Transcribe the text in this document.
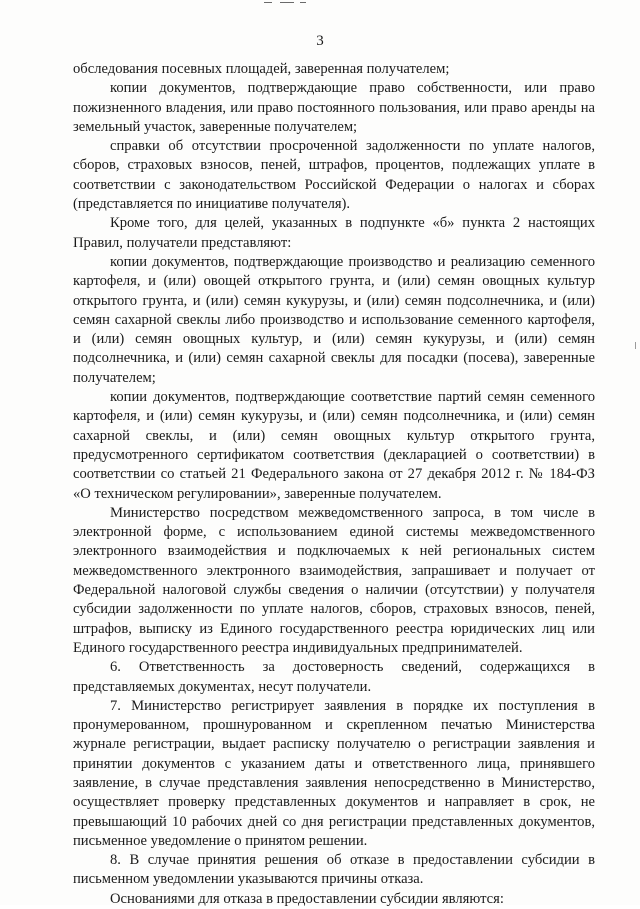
3

обследования посевных площадей, заверенная получателем;

копии документов, подтверждающие право собственности, или право пожизненного владения, или право постоянного пользования, или право аренды на земельный участок, заверенные получателем;

справки об отсутствии просроченной задолженности по уплате налогов, сборов, страховых взносов, пеней, штрафов, процентов, подлежащих уплате в соответствии с законодательством Российской Федерации о налогах и сборах (представляется по инициативе получателя).

Кроме того, для целей, указанных в подпункте «б» пункта 2 настоящих Правил, получатели представляют:

копии документов, подтверждающие производство и реализацию семенного картофеля, и (или) овощей открытого грунта, и (или) семян овощных культур открытого грунта, и (или) семян кукурузы, и (или) семян подсолнечника, и (или) семян сахарной свеклы либо производство и использование семенного картофеля, и (или) семян овощных культур, и (или) семян кукурузы, и (или) семян подсолнечника, и (или) семян сахарной свеклы для посадки (посева), заверенные получателем;

копии документов, подтверждающие соответствие партий семян семенного картофеля, и (или) семян кукурузы, и (или) семян подсолнечника, и (или) семян сахарной свеклы, и (или) семян овощных культур открытого грунта, предусмотренного сертификатом соответствия (декларацией о соответствии) в соответствии со статьей 21 Федерального закона от 27 декабря 2012 г. № 184-ФЗ «О техническом регулировании», заверенные получателем.

Министерство посредством межведомственного запроса, в том числе в электронной форме, с использованием единой системы межведомственного электронного взаимодействия и подключаемых к ней региональных систем межведомственного электронного взаимодействия, запрашивает и получает от Федеральной налоговой службы сведения о наличии (отсутствии) у получателя субсидии задолженности по уплате налогов, сборов, страховых взносов, пеней, штрафов, выписку из Единого государственного реестра юридических лиц или Единого государственного реестра индивидуальных предпринимателей.

6. Ответственность за достоверность сведений, содержащихся в представляемых документах, несут получатели.

7. Министерство регистрирует заявления в порядке их поступления в пронумерованном, прошнурованном и скрепленном печатью Министерства журнале регистрации, выдает расписку получателю о регистрации заявления и принятии документов с указанием даты и ответственного лица, принявшего заявление, в случае представления заявления непосредственно в Министерство, осуществляет проверку представленных документов и направляет в срок, не превышающий 10 рабочих дней со дня регистрации представленных документов, письменное уведомление о принятом решении.

8. В случае принятия решения об отказе в предоставлении субсидии в письменном уведомлении указываются причины отказа.

Основаниями для отказа в предоставлении субсидии являются:
